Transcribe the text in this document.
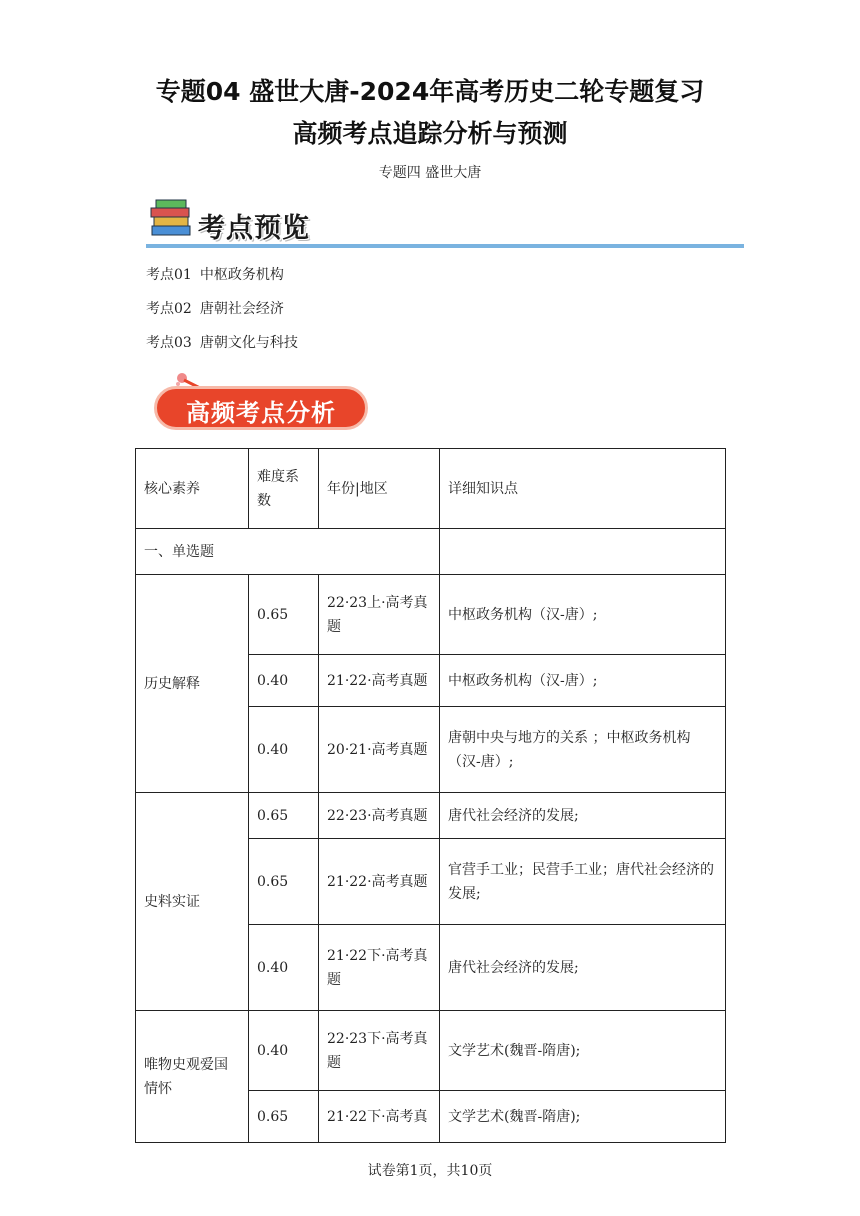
专题04 盛世大唐-2024年高考历史二轮专题复习
高频考点追踪分析与预测
专题四 盛世大唐
考点预览
考点01 中枢政务机构
考点02 唐朝社会经济
考点03 唐朝文化与科技
高频考点分析
核心素养	难度系数	年份|地区	详细知识点
一、单选题			
历史解释	0.65	22·23上·高考真题	中枢政务机构（汉-唐）;
	0.40	21·22·高考真题	中枢政务机构（汉-唐）;
	0.40	20·21·高考真题	唐朝中央与地方的关系 ；中枢政务机构（汉-唐）;
史料实证	0.65	22·23·高考真题	唐代社会经济的发展;
	0.65	21·22·高考真题	官营手工业；民营手工业；唐代社会经济的发展;
	0.40	21·22下·高考真题	唐代社会经济的发展;
唯物史观爱国情怀	0.40	22·23下·高考真题	文学艺术(魏晋-隋唐);
	0.65	21·22下·高考真	文学艺术(魏晋-隋唐);
试卷第1页，共10页
